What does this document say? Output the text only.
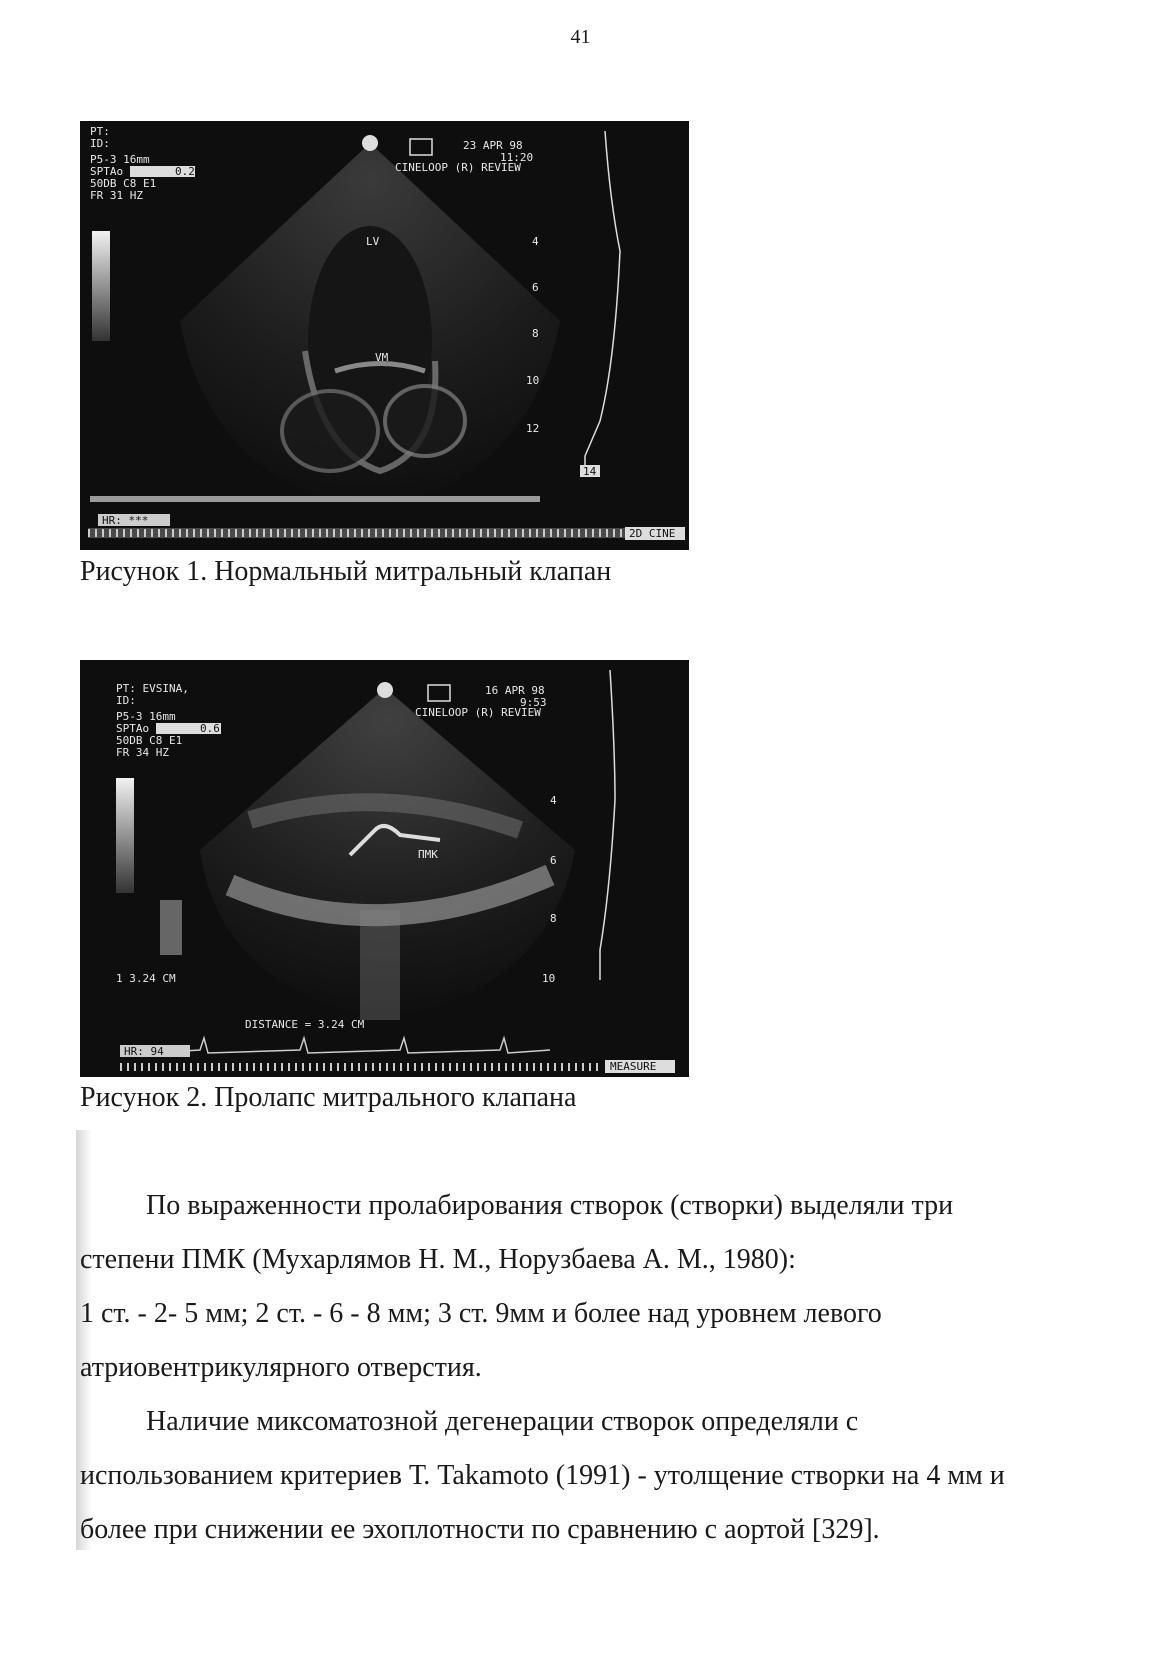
41
PT:
ID:
P5-3 16mm
SPTAo	0.2
50DB C8 E1
FR 31 HZ
23 APR 98
11:20
CINELOOP (R) REVIEW
LV
VM
4
6
8
10
12
14
HR: ***
2D CINE
Рисунок 1. Нормальный митральный клапан
PT: EVSINA,
ID:
P5-3 16mm
SPTAo	0.6
50DB C8 E1
FR 34 HZ
16 APR 98
9:53
CINELOOP (R) REVIEW
ПМК
4
6
8
10
1 3.24 CM
DISTANCE = 3.24 CM
HR: 94
MEASURE
Рисунок 2. Пролапс митрального клапана
По выраженности пролабирования створок (створки) выделяли три
степени ПМК (Мухарлямов Н. М., Норузбаева А. М., 1980):
1 ст. - 2- 5 мм; 2 ст. - 6 - 8 мм; 3 ст. 9мм и более над уровнем левого
атриовентрикулярного отверстия.
Наличие миксоматозной дегенерации створок определяли с
использованием критериев Т. Takamoto (1991) - утолщение створки на 4 мм и
более при снижении ее эхоплотности по сравнению с аортой [329].
